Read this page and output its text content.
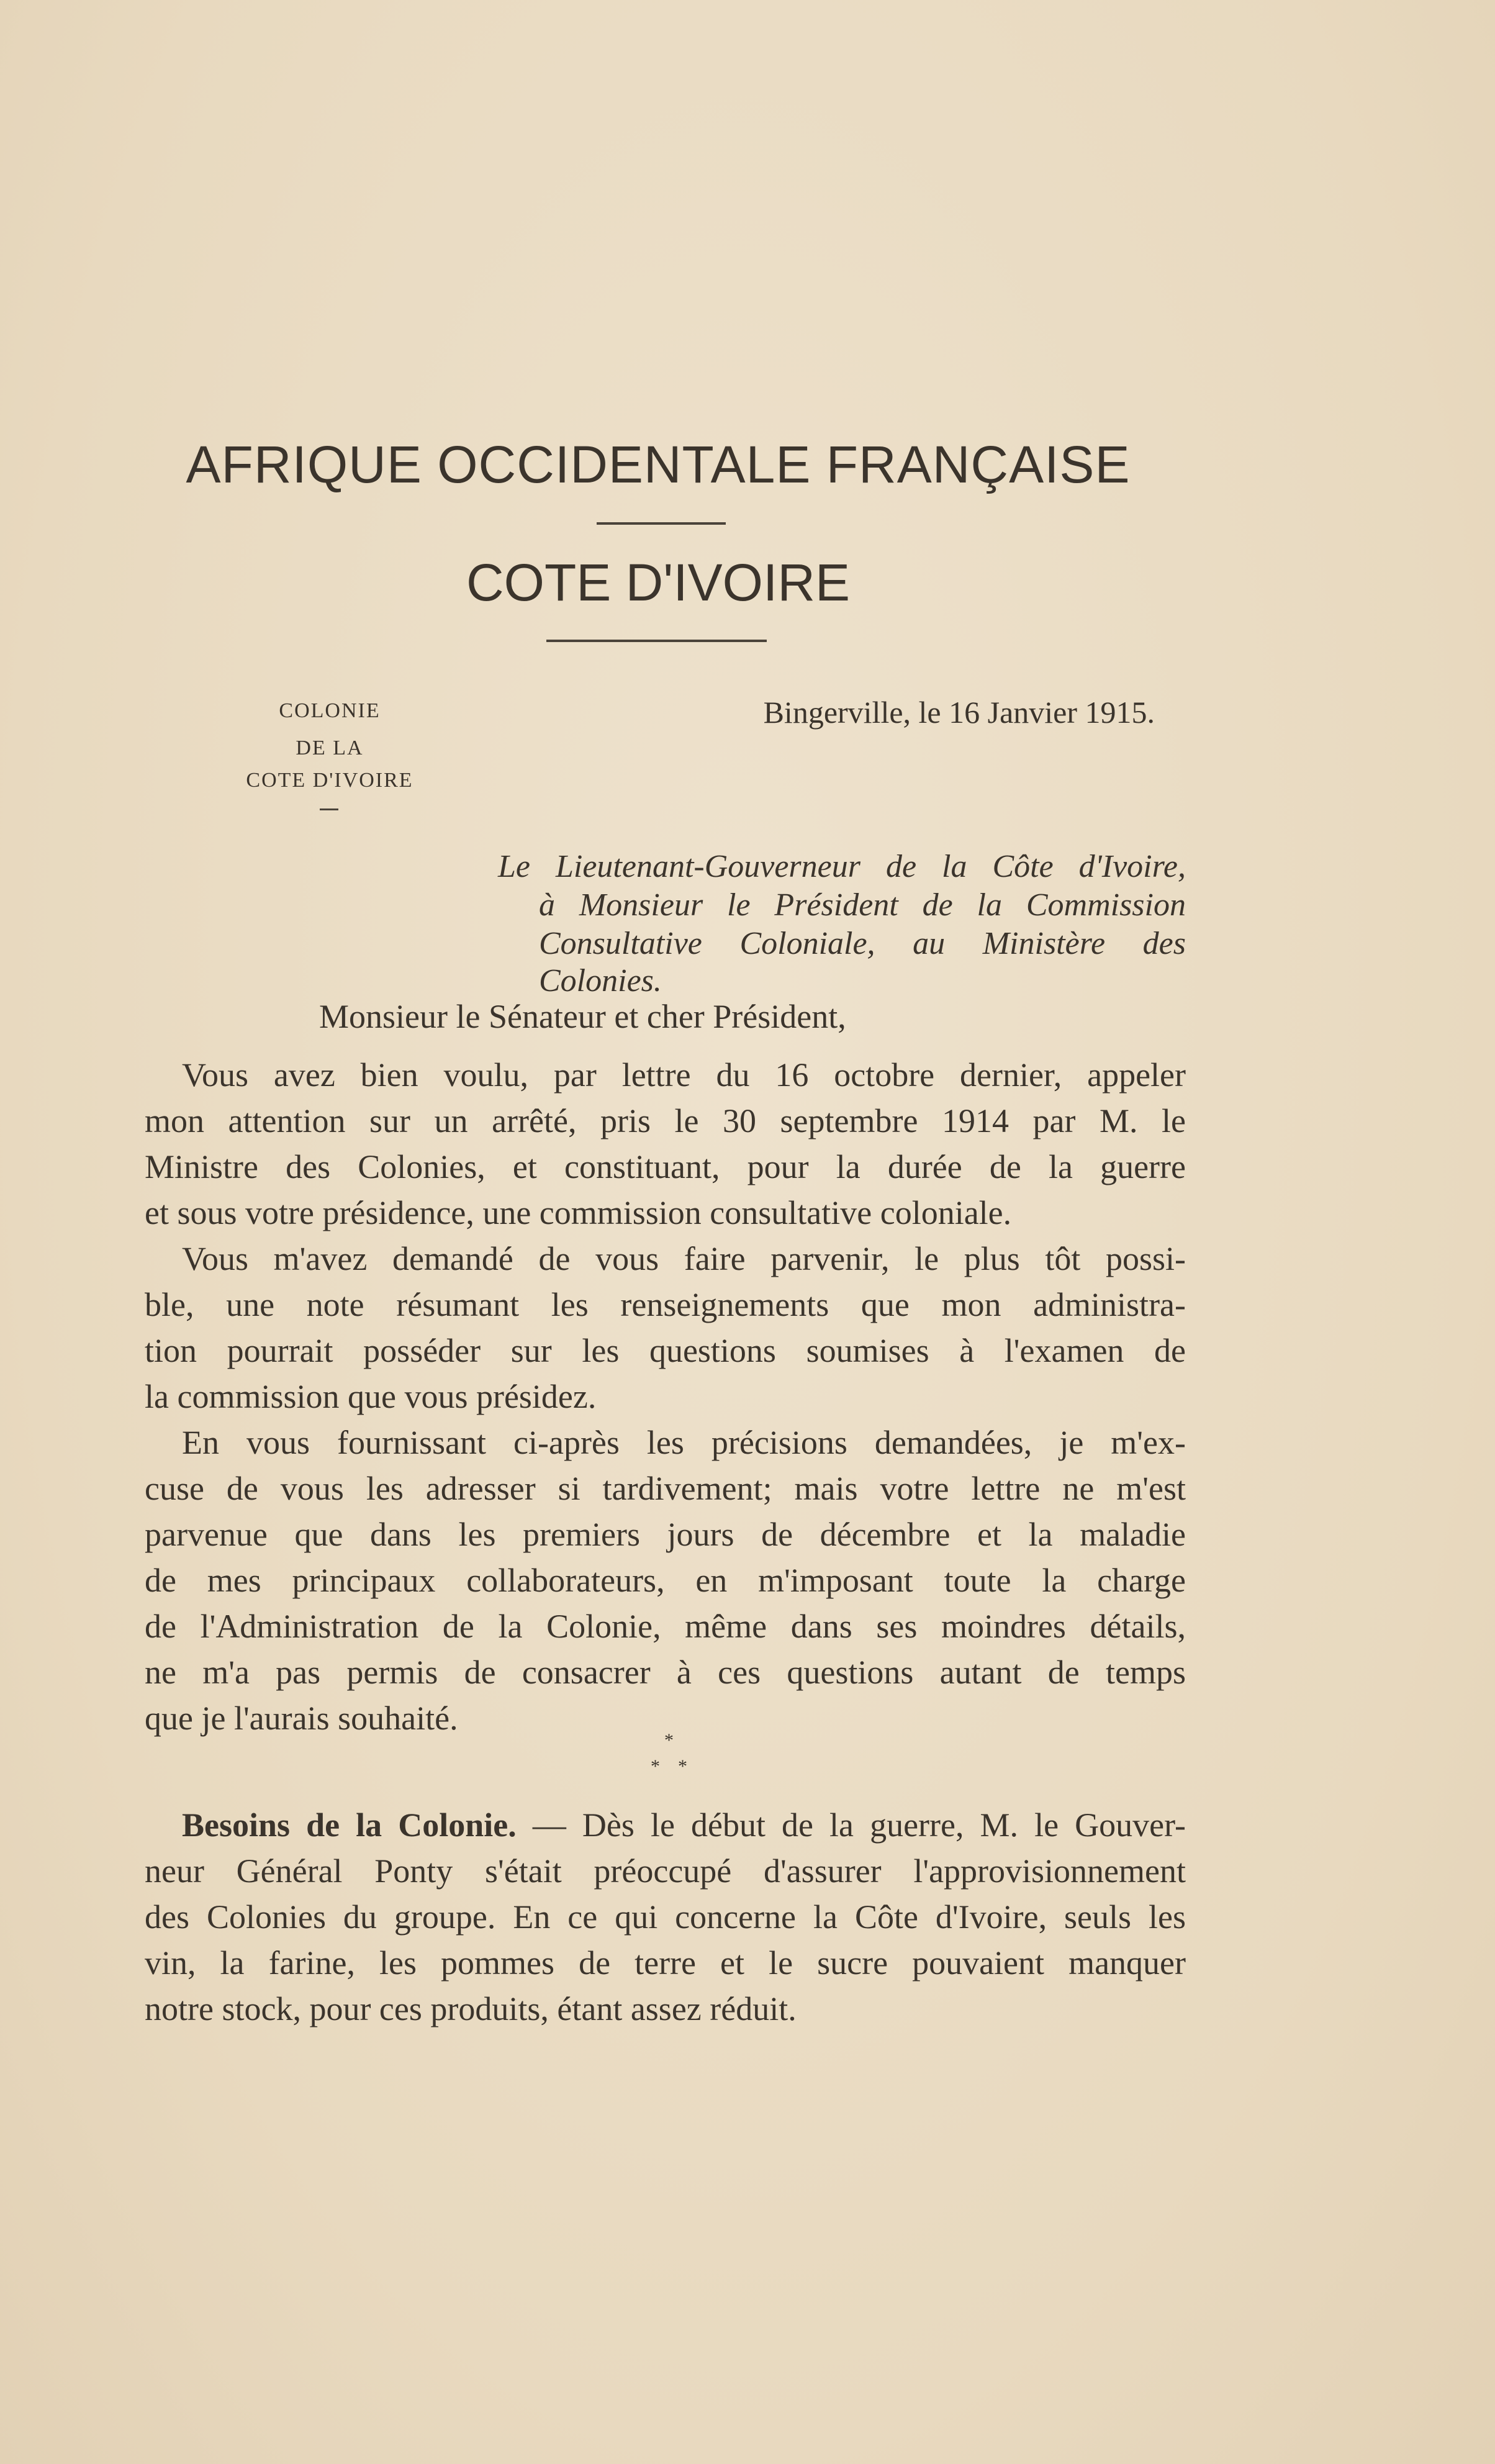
AFRIQUE OCCIDENTALE FRANÇAISE
COTE D'IVOIRE
COLONIE
DE LA
COTE D'IVOIRE
Bingerville, le 16 Janvier 1915.
Le Lieutenant-Gouverneur de la Côte d'Ivoire,
à Monsieur le Président de la Commission
Consultative Coloniale, au Ministère des
Colonies.
Monsieur le Sénateur et cher Président,
Vous avez bien voulu, par lettre du 16 octobre dernier, appeler
mon attention sur un arrêté, pris le 30 septembre 1914 par M. le
Ministre des Colonies, et constituant, pour la durée de la guerre
et sous votre présidence, une commission consultative coloniale.
Vous m'avez demandé de vous faire parvenir, le plus tôt possi-
ble, une note résumant les renseignements que mon administra-
tion pourrait posséder sur les questions soumises à l'examen de
la commission que vous présidez.
En vous fournissant ci-après les précisions demandées, je m'ex-
cuse de vous les adresser si tardivement; mais votre lettre ne m'est
parvenue que dans les premiers jours de décembre et la maladie
de mes principaux collaborateurs, en m'imposant toute la charge
de l'Administration de la Colonie, même dans ses moindres détails,
ne m'a pas permis de consacrer à ces questions autant de temps
que je l'aurais souhaité.
*
* *
Besoins de la Colonie. — Dès le début de la guerre, M. le Gouver-
neur Général Ponty s'était préoccupé d'assurer l'approvisionnement
des Colonies du groupe. En ce qui concerne la Côte d'Ivoire, seuls les
vin, la farine, les pommes de terre et le sucre pouvaient manquer
notre stock, pour ces produits, étant assez réduit.
